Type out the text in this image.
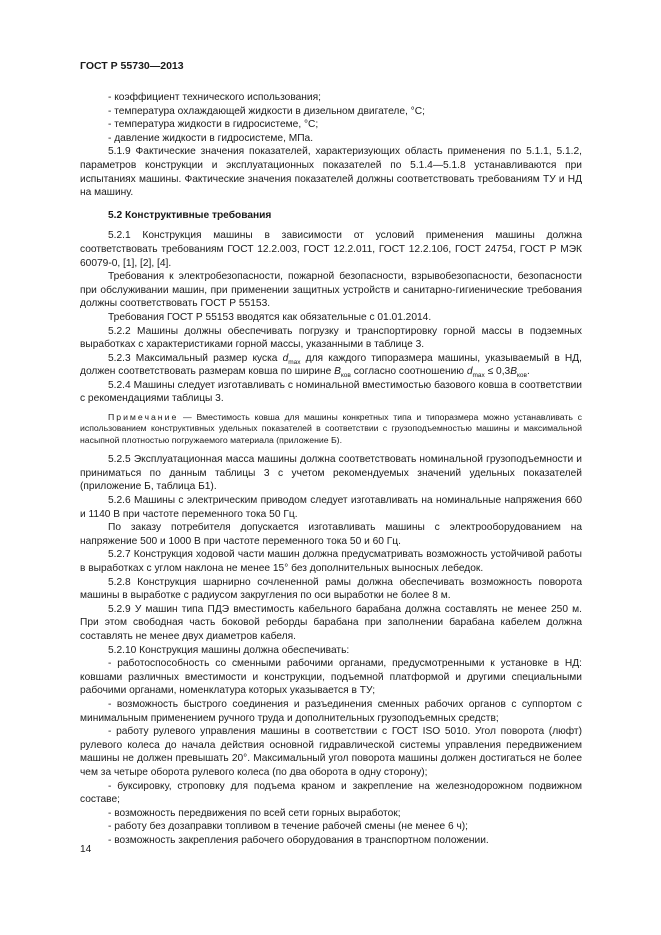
ГОСТ Р 55730—2013

- коэффициент технического использования;

- температура охлаждающей жидкости в дизельном двигателе, °С;

- температура жидкости в гидросистеме, °С;

- давление жидкости в гидросистеме, МПа.

5.1.9 Фактические значения показателей, характеризующих область применения по 5.1.1, 5.1.2, параметров конструкции и эксплуатационных показателей по 5.1.4—5.1.8 устанавливаются при испытаниях машины. Фактические значения показателей должны соответствовать требованиям ТУ и НД на машину.

5.2 Конструктивные требования

5.2.1 Конструкция машины в зависимости от условий применения машины должна соответствовать требованиям ГОСТ 12.2.003, ГОСТ 12.2.011, ГОСТ 12.2.106, ГОСТ 24754, ГОСТ Р МЭК 60079-0, [1], [2], [4].

Требования к электробезопасности, пожарной безопасности, взрывобезопасности, безопасности при обслуживании машин, при применении защитных устройств и санитарно-гигиенические требования должны соответствовать ГОСТ Р 55153.

Требования ГОСТ Р 55153 вводятся как обязательные с 01.01.2014.

5.2.2 Машины должны обеспечивать погрузку и транспортировку горной массы в подземных выработках с характеристиками горной массы, указанными в таблице 3.

5.2.3 Максимальный размер куска $d_{max}$ для каждого типоразмера машины, указываемый в НД, должен соответствовать размерам ковша по ширине $B_{ков}$ согласно соотношению $d_{max} \le 0,3B_{ков}$.

5.2.4 Машины следует изготавливать с номинальной вместимостью базового ковша в соответствии с рекомендациями таблицы 3.

Примечание — Вместимость ковша для машины конкретных типа и типоразмера можно устанавливать с использованием конструктивных удельных показателей в соответствии с грузоподъемностью машины и максимальной насыпной плотностью погружаемого материала (приложение Б).

5.2.5 Эксплуатационная масса машины должна соответствовать номинальной грузоподъемности и приниматься по данным таблицы 3 с учетом рекомендуемых значений удельных показателей (приложение Б, таблица Б1).

5.2.6 Машины с электрическим приводом следует изготавливать на номинальные напряжения 660 и 1140 В при частоте переменного тока 50 Гц.

По заказу потребителя допускается изготавливать машины с электрооборудованием на напряжение 500 и 1000 В при частоте переменного тока 50 и 60 Гц.

5.2.7 Конструкция ходовой части машин должна предусматривать возможность устойчивой работы в выработках с углом наклона не менее 15° без дополнительных выносных лебедок.

5.2.8 Конструкция шарнирно сочлененной рамы должна обеспечивать возможность поворота машины в выработке с радиусом закругления по оси выработки не более 8 м.

5.2.9 У машин типа ПДЭ вместимость кабельного барабана должна составлять не менее 250 м. При этом свободная часть боковой реборды барабана при заполнении барабана кабелем должна составлять не менее двух диаметров кабеля.

5.2.10 Конструкция машины должна обеспечивать:

- работоспособность со сменными рабочими органами, предусмотренными к установке в НД: ковшами различных вместимости и конструкции, подъемной платформой и другими специальными рабочими органами, номенклатура которых указывается в ТУ;

- возможность быстрого соединения и разъединения сменных рабочих органов с суппортом с минимальным применением ручного труда и дополнительных грузоподъемных средств;

- работу рулевого управления машины в соответствии с ГОСТ ISO 5010. Угол поворота (люфт) рулевого колеса до начала действия основной гидравлической системы управления передвижением машины не должен превышать 20°. Максимальный угол поворота машины должен достигаться не более чем за четыре оборота рулевого колеса (по два оборота в одну сторону);

- буксировку, строповку для подъема краном и закрепление на железнодорожном подвижном составе;

- возможность передвижения по всей сети горных выработок;

- работу без дозаправки топливом в течение рабочей смены (не менее 6 ч);

- возможность закрепления рабочего оборудования в транспортном положении.

14
